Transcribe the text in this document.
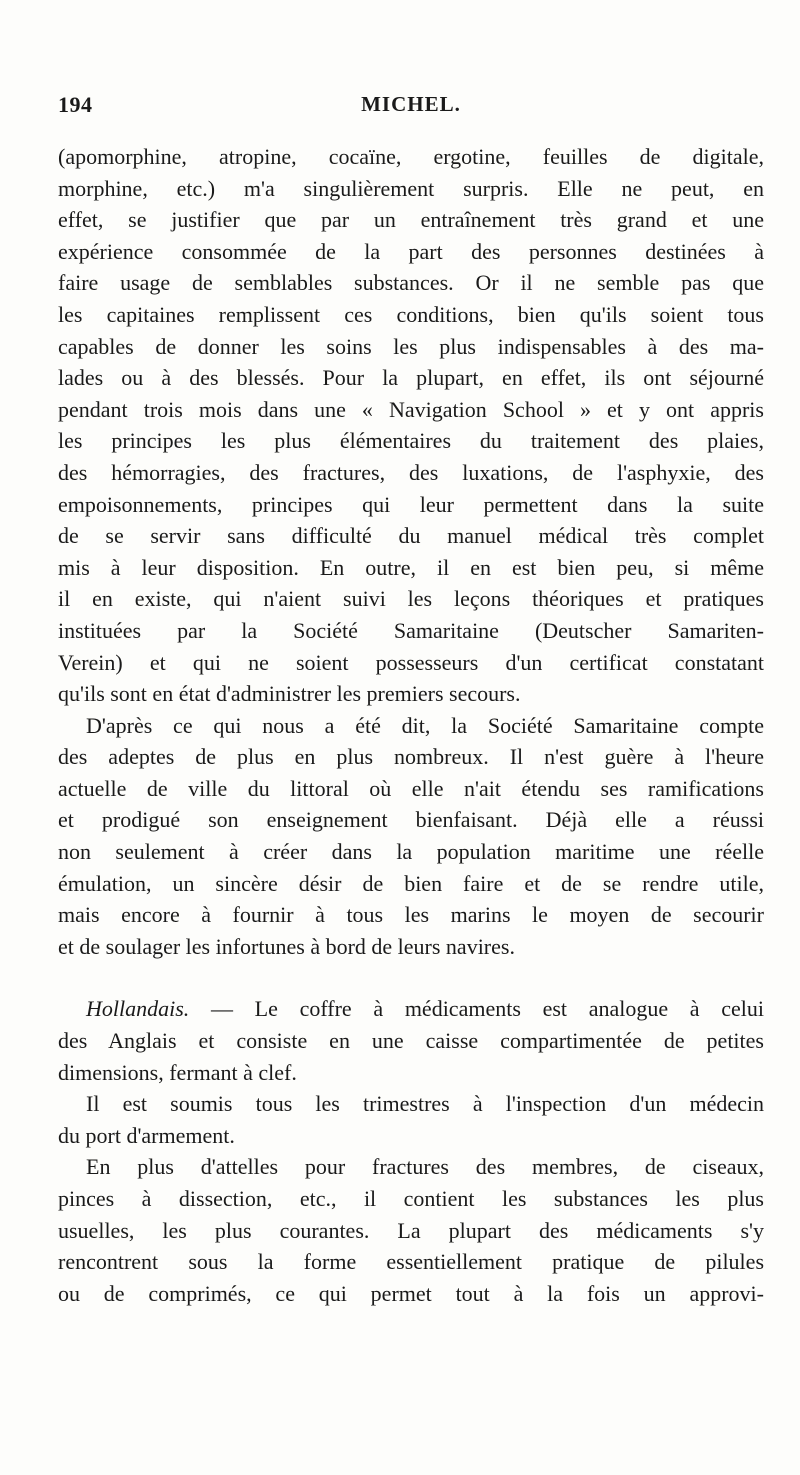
194	MICHEL.
(apomorphine, atropine, cocaïne, ergotine, feuilles de digitale,
morphine, etc.) m'a singulièrement surpris. Elle ne peut, en
effet, se justifier que par un entraînement très grand et une
expérience consommée de la part des personnes destinées à
faire usage de semblables substances. Or il ne semble pas que
les capitaines remplissent ces conditions, bien qu'ils soient tous
capables de donner les soins les plus indispensables à des ma-
lades ou à des blessés. Pour la plupart, en effet, ils ont séjourné
pendant trois mois dans une « Navigation School » et y ont appris
les principes les plus élémentaires du traitement des plaies,
des hémorragies, des fractures, des luxations, de l'asphyxie, des
empoisonnements, principes qui leur permettent dans la suite
de se servir sans difficulté du manuel médical très complet
mis à leur disposition. En outre, il en est bien peu, si même
il en existe, qui n'aient suivi les leçons théoriques et pratiques
instituées par la Société Samaritaine (Deutscher Samariten-
Verein) et qui ne soient possesseurs d'un certificat constatant
qu'ils sont en état d'administrer les premiers secours.
D'après ce qui nous a été dit, la Société Samaritaine compte
des adeptes de plus en plus nombreux. Il n'est guère à l'heure
actuelle de ville du littoral où elle n'ait étendu ses ramifications
et prodigué son enseignement bienfaisant. Déjà elle a réussi
non seulement à créer dans la population maritime une réelle
émulation, un sincère désir de bien faire et de se rendre utile,
mais encore à fournir à tous les marins le moyen de secourir
et de soulager les infortunes à bord de leurs navires.
Hollandais. — Le coffre à médicaments est analogue à celui
des Anglais et consiste en une caisse compartimentée de petites
dimensions, fermant à clef.
Il est soumis tous les trimestres à l'inspection d'un médecin
du port d'armement.
En plus d'attelles pour fractures des membres, de ciseaux,
pinces à dissection, etc., il contient les substances les plus
usuelles, les plus courantes. La plupart des médicaments s'y
rencontrent sous la forme essentiellement pratique de pilules
ou de comprimés, ce qui permet tout à la fois un approvi-
